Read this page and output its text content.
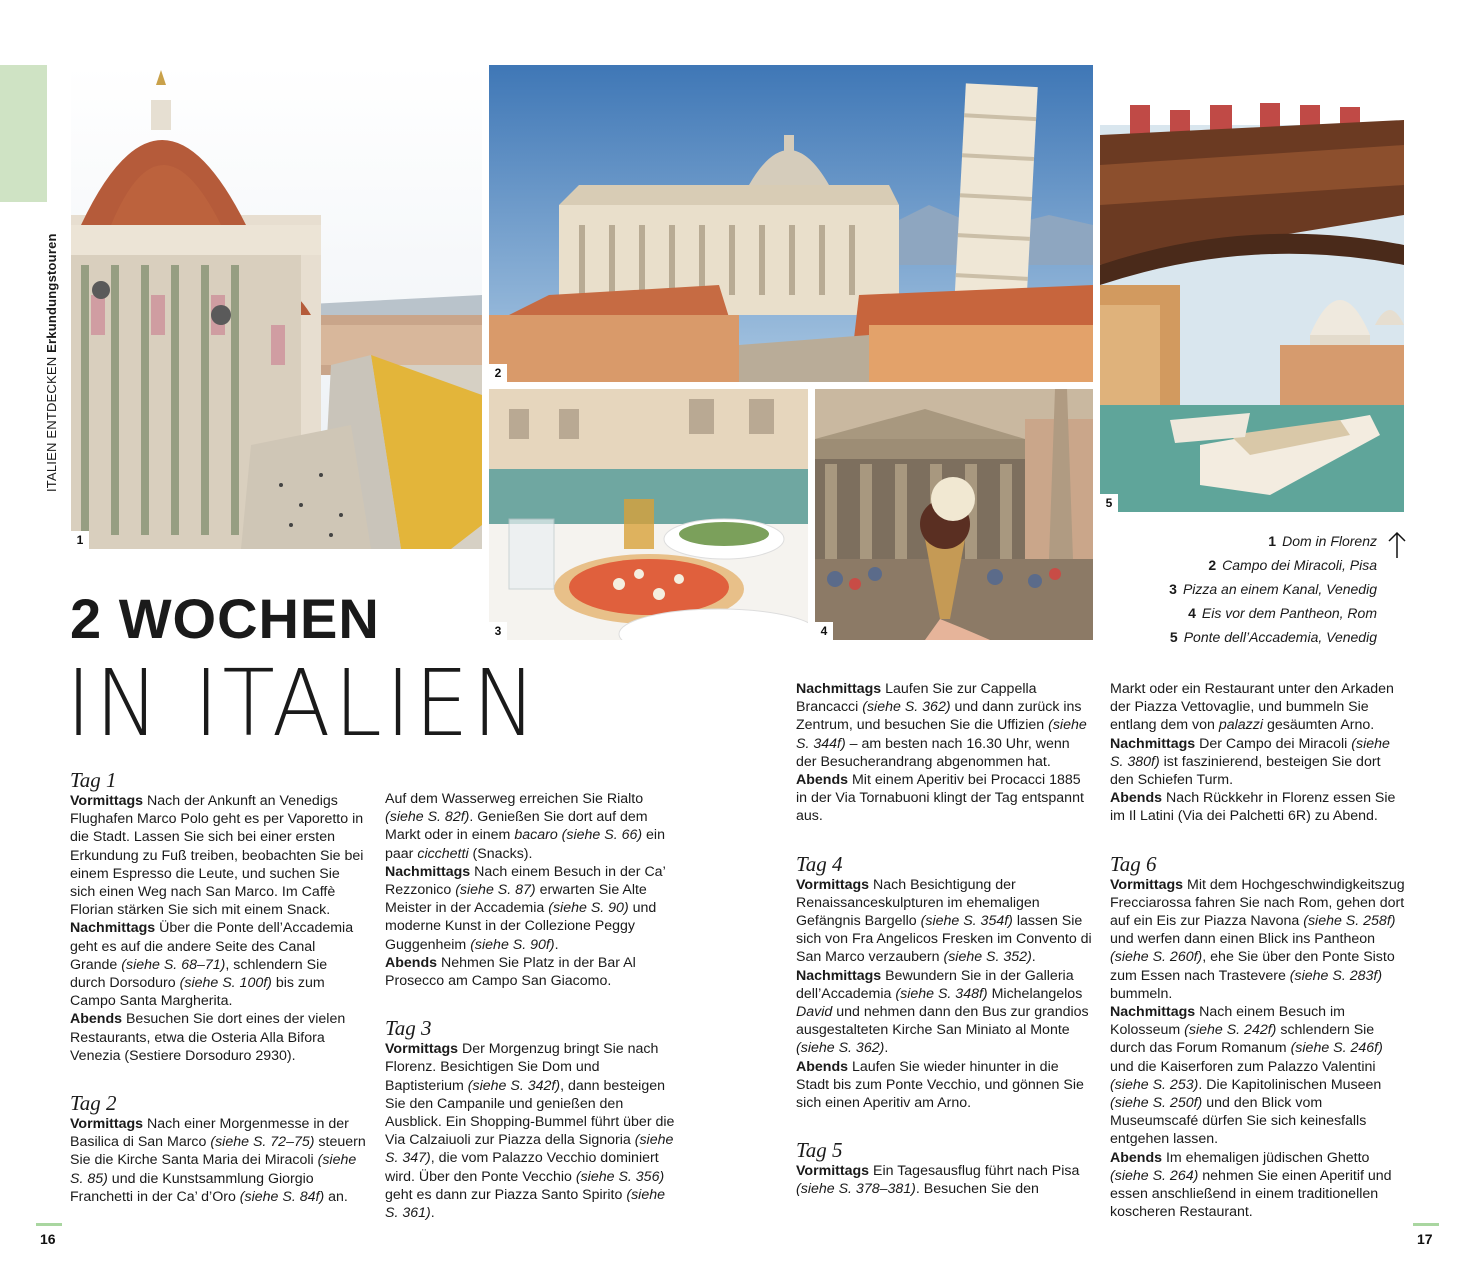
ITALIEN ENTDECKEN Erkundungstouren
1
2
3	4
5
1 Dom in Florenz
2 Campo dei Miracoli, Pisa
3 Pizza an einem Kanal, Venedig
4 Eis vor dem Pantheon, Rom
5 Ponte dell’Accademia, Venedig
2 WOCHEN
IN ITALIEN
Tag 1

Vormittags Nach der Ankunft an Venedigs Flughafen Marco Polo geht es per Vaporetto in die Stadt. Lassen Sie sich bei einer ersten Erkundung zu Fuß treiben, beobachten Sie bei einem Espresso die Leute, und suchen Sie sich einen Weg nach San Marco. Im Caffè Florian stärken Sie sich mit einem Snack.

Nachmittags Über die Ponte dell’Accademia geht es auf die andere Seite des Canal Grande (siehe S. 68–71), schlendern Sie durch Dorsoduro (siehe S. 100f) bis zum Campo Santa Margherita.

Abends Besuchen Sie dort eines der vielen Restaurants, etwa die Osteria Alla Bifora Venezia (Sestiere Dorsoduro 2930).

Tag 2

Vormittags Nach einer Morgenmesse in der Basilica di San Marco (siehe S. 72–75) steuern Sie die Kirche Santa Maria dei Miracoli (siehe S. 85) und die Kunstsammlung Giorgio Franchetti in der Ca’ d’Oro (siehe S. 84f) an.

Auf dem Wasserweg erreichen Sie Rialto (siehe S. 82f). Genießen Sie dort auf dem Markt oder in einem bacaro (siehe S. 66) ein paar cicchetti (Snacks).

Nachmittags Nach einem Besuch in der Ca’ Rezzonico (siehe S. 87) erwarten Sie Alte Meister in der Accademia (siehe S. 90) und moderne Kunst in der Collezione Peggy Guggenheim (siehe S. 90f).

Abends Nehmen Sie Platz in der Bar Al Prosecco am Campo San Giacomo.

Tag 3

Vormittags Der Morgenzug bringt Sie nach Florenz. Besichtigen Sie Dom und Baptisterium (siehe S. 342f), dann besteigen Sie den Campanile und genießen den Ausblick. Ein Shopping-Bummel führt über die Via Calzaiuoli zur Piazza della Signoria (siehe S. 347), die vom Palazzo Vecchio dominiert wird. Über den Ponte Vecchio (siehe S. 356) geht es dann zur Piazza Santo Spirito (siehe S. 361).

Nachmittags Laufen Sie zur Cappella Brancacci (siehe S. 362) und dann zurück ins Zentrum, und besuchen Sie die Uffizien (siehe S. 344f) – am besten nach 16.30 Uhr, wenn der Besucherandrang abgenommen hat.

Abends Mit einem Aperitiv bei Procacci 1885 in der Via Tornabuoni klingt der Tag entspannt aus.

Tag 4

Vormittags Nach Besichtigung der Renaissanceskulpturen im ehemaligen Gefängnis Bargello (siehe S. 354f) lassen Sie sich von Fra Angelicos Fresken im Convento di San Marco verzaubern (siehe S. 352).

Nachmittags Bewundern Sie in der Galleria dell’Accademia (siehe S. 348f) Michelangelos David und nehmen dann den Bus zur grandios ausgestalteten Kirche San Miniato al Monte (siehe S. 362).

Abends Laufen Sie wieder hinunter in die Stadt bis zum Ponte Vecchio, und gönnen Sie sich einen Aperitiv am Arno.

Tag 5

Vormittags Ein Tagesausflug führt nach Pisa (siehe S. 378–381). Besuchen Sie den

Markt oder ein Restaurant unter den Arkaden der Piazza Vettovaglie, und bummeln Sie entlang dem von palazzi gesäumten Arno.

Nachmittags Der Campo dei Miracoli (siehe S. 380f) ist faszinierend, besteigen Sie dort den Schiefen Turm.

Abends Nach Rückkehr in Florenz essen Sie im Il Latini (Via dei Palchetti 6R) zu Abend.

Tag 6

Vormittags Mit dem Hochgeschwindigkeitszug Frecciarossa fahren Sie nach Rom, gehen dort auf ein Eis zur Piazza Navona (siehe S. 258f) und werfen dann einen Blick ins Pantheon (siehe S. 260f), ehe Sie über den Ponte Sisto zum Essen nach Trastevere (siehe S. 283f) bummeln.

Nachmittags Nach einem Besuch im Kolosseum (siehe S. 242f) schlendern Sie durch das Forum Romanum (siehe S. 246f) und die Kaiserforen zum Palazzo Valentini (siehe S. 253). Die Kapitolinischen Museen (siehe S. 250f) und den Blick vom Museumscafé dürfen Sie sich keinesfalls entgehen lassen.

Abends Im ehemaligen jüdischen Ghetto (siehe S. 264) nehmen Sie einen Aperitif und essen anschließend in einem traditionellen koscheren Restaurant.

16	17
